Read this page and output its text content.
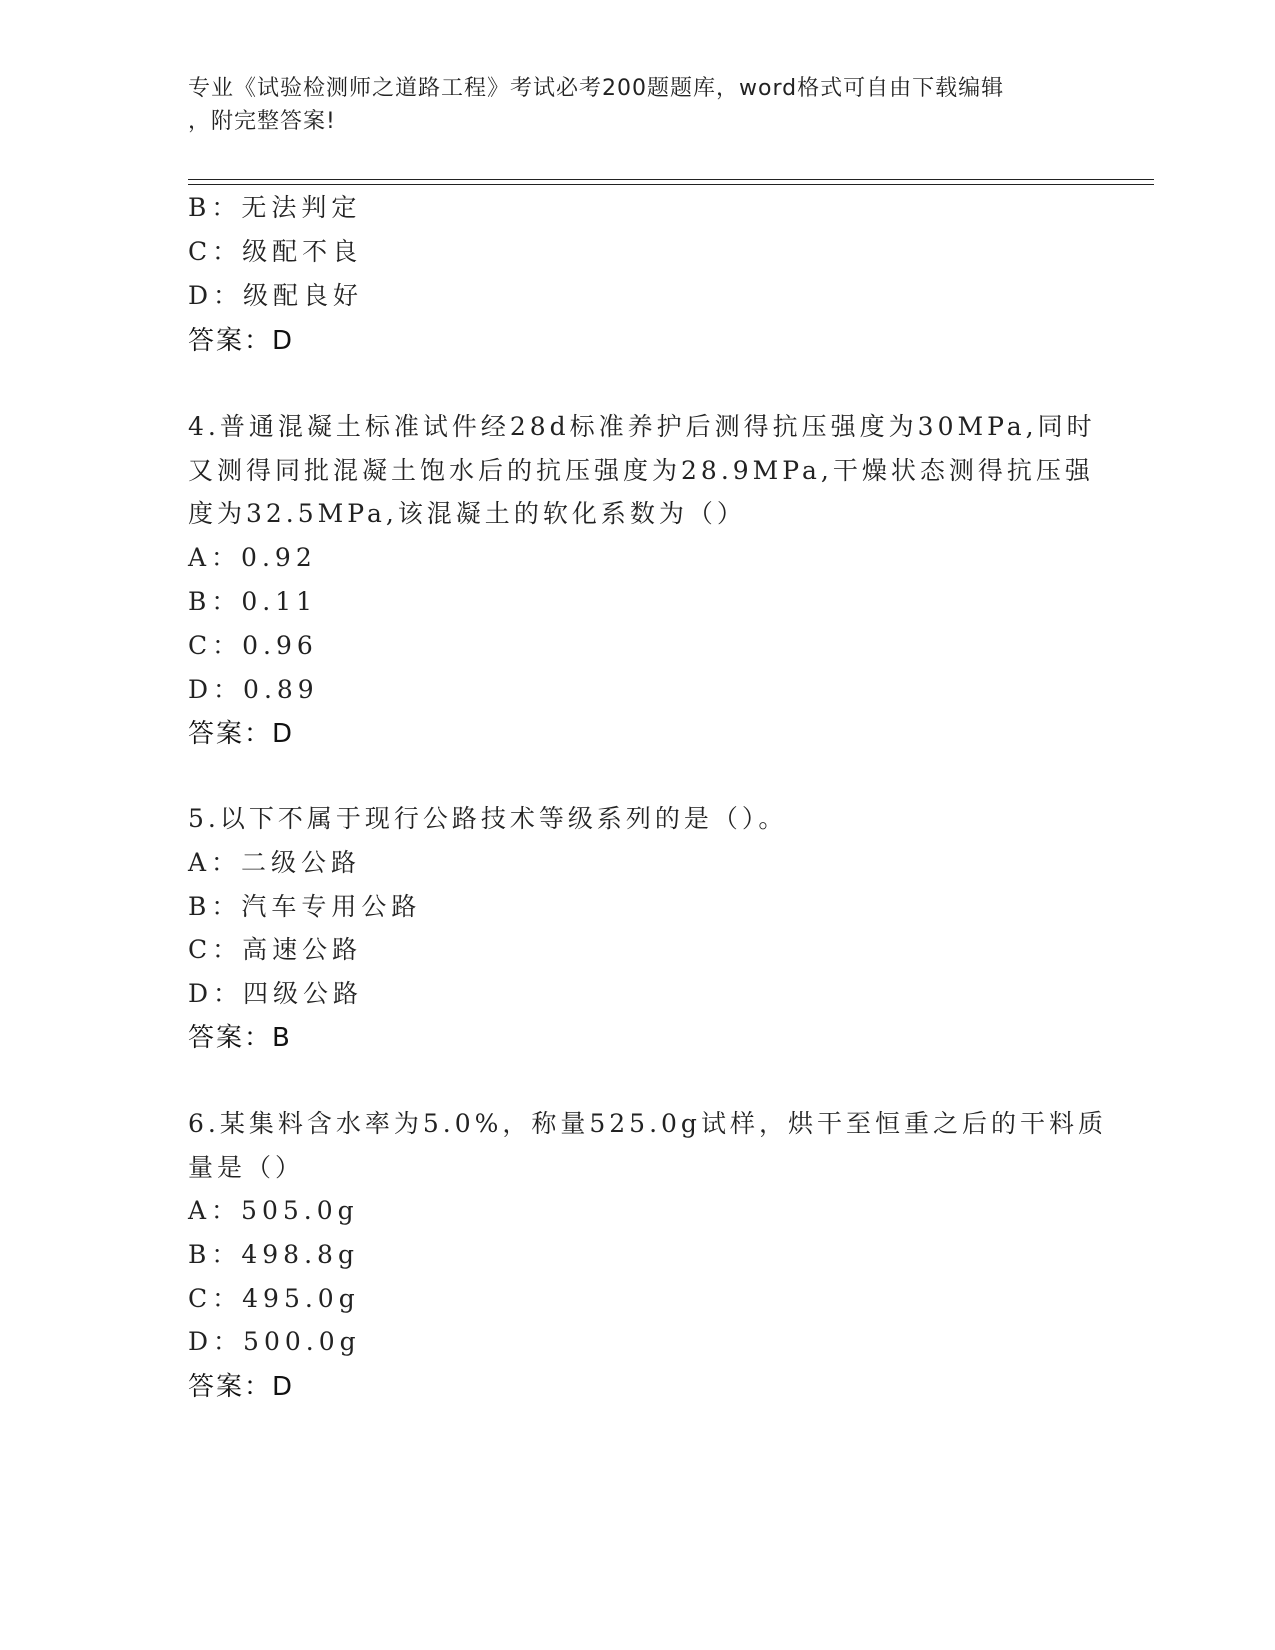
专业《试验检测师之道路工程》考试必考200题题库，word格式可自由下载编辑
，附完整答案!
B：无法判定
C：级配不良
D：级配良好
答案：D
4.普通混凝土标准试件经28d标准养护后测得抗压强度为30MPa,同时
又测得同批混凝土饱水后的抗压强度为28.9MPa,干燥状态测得抗压强
度为32.5MPa,该混凝土的软化系数为（）
A：0.92
B：0.11
C：0.96
D：0.89
答案：D
5.以下不属于现行公路技术等级系列的是（）。
A：二级公路
B：汽车专用公路
C：高速公路
D：四级公路
答案：B
6.某集料含水率为5.0%，称量525.0g试样，烘干至恒重之后的干料质
量是（）
A：505.0g
B：498.8g
C：495.0g
D：500.0g
答案：D
